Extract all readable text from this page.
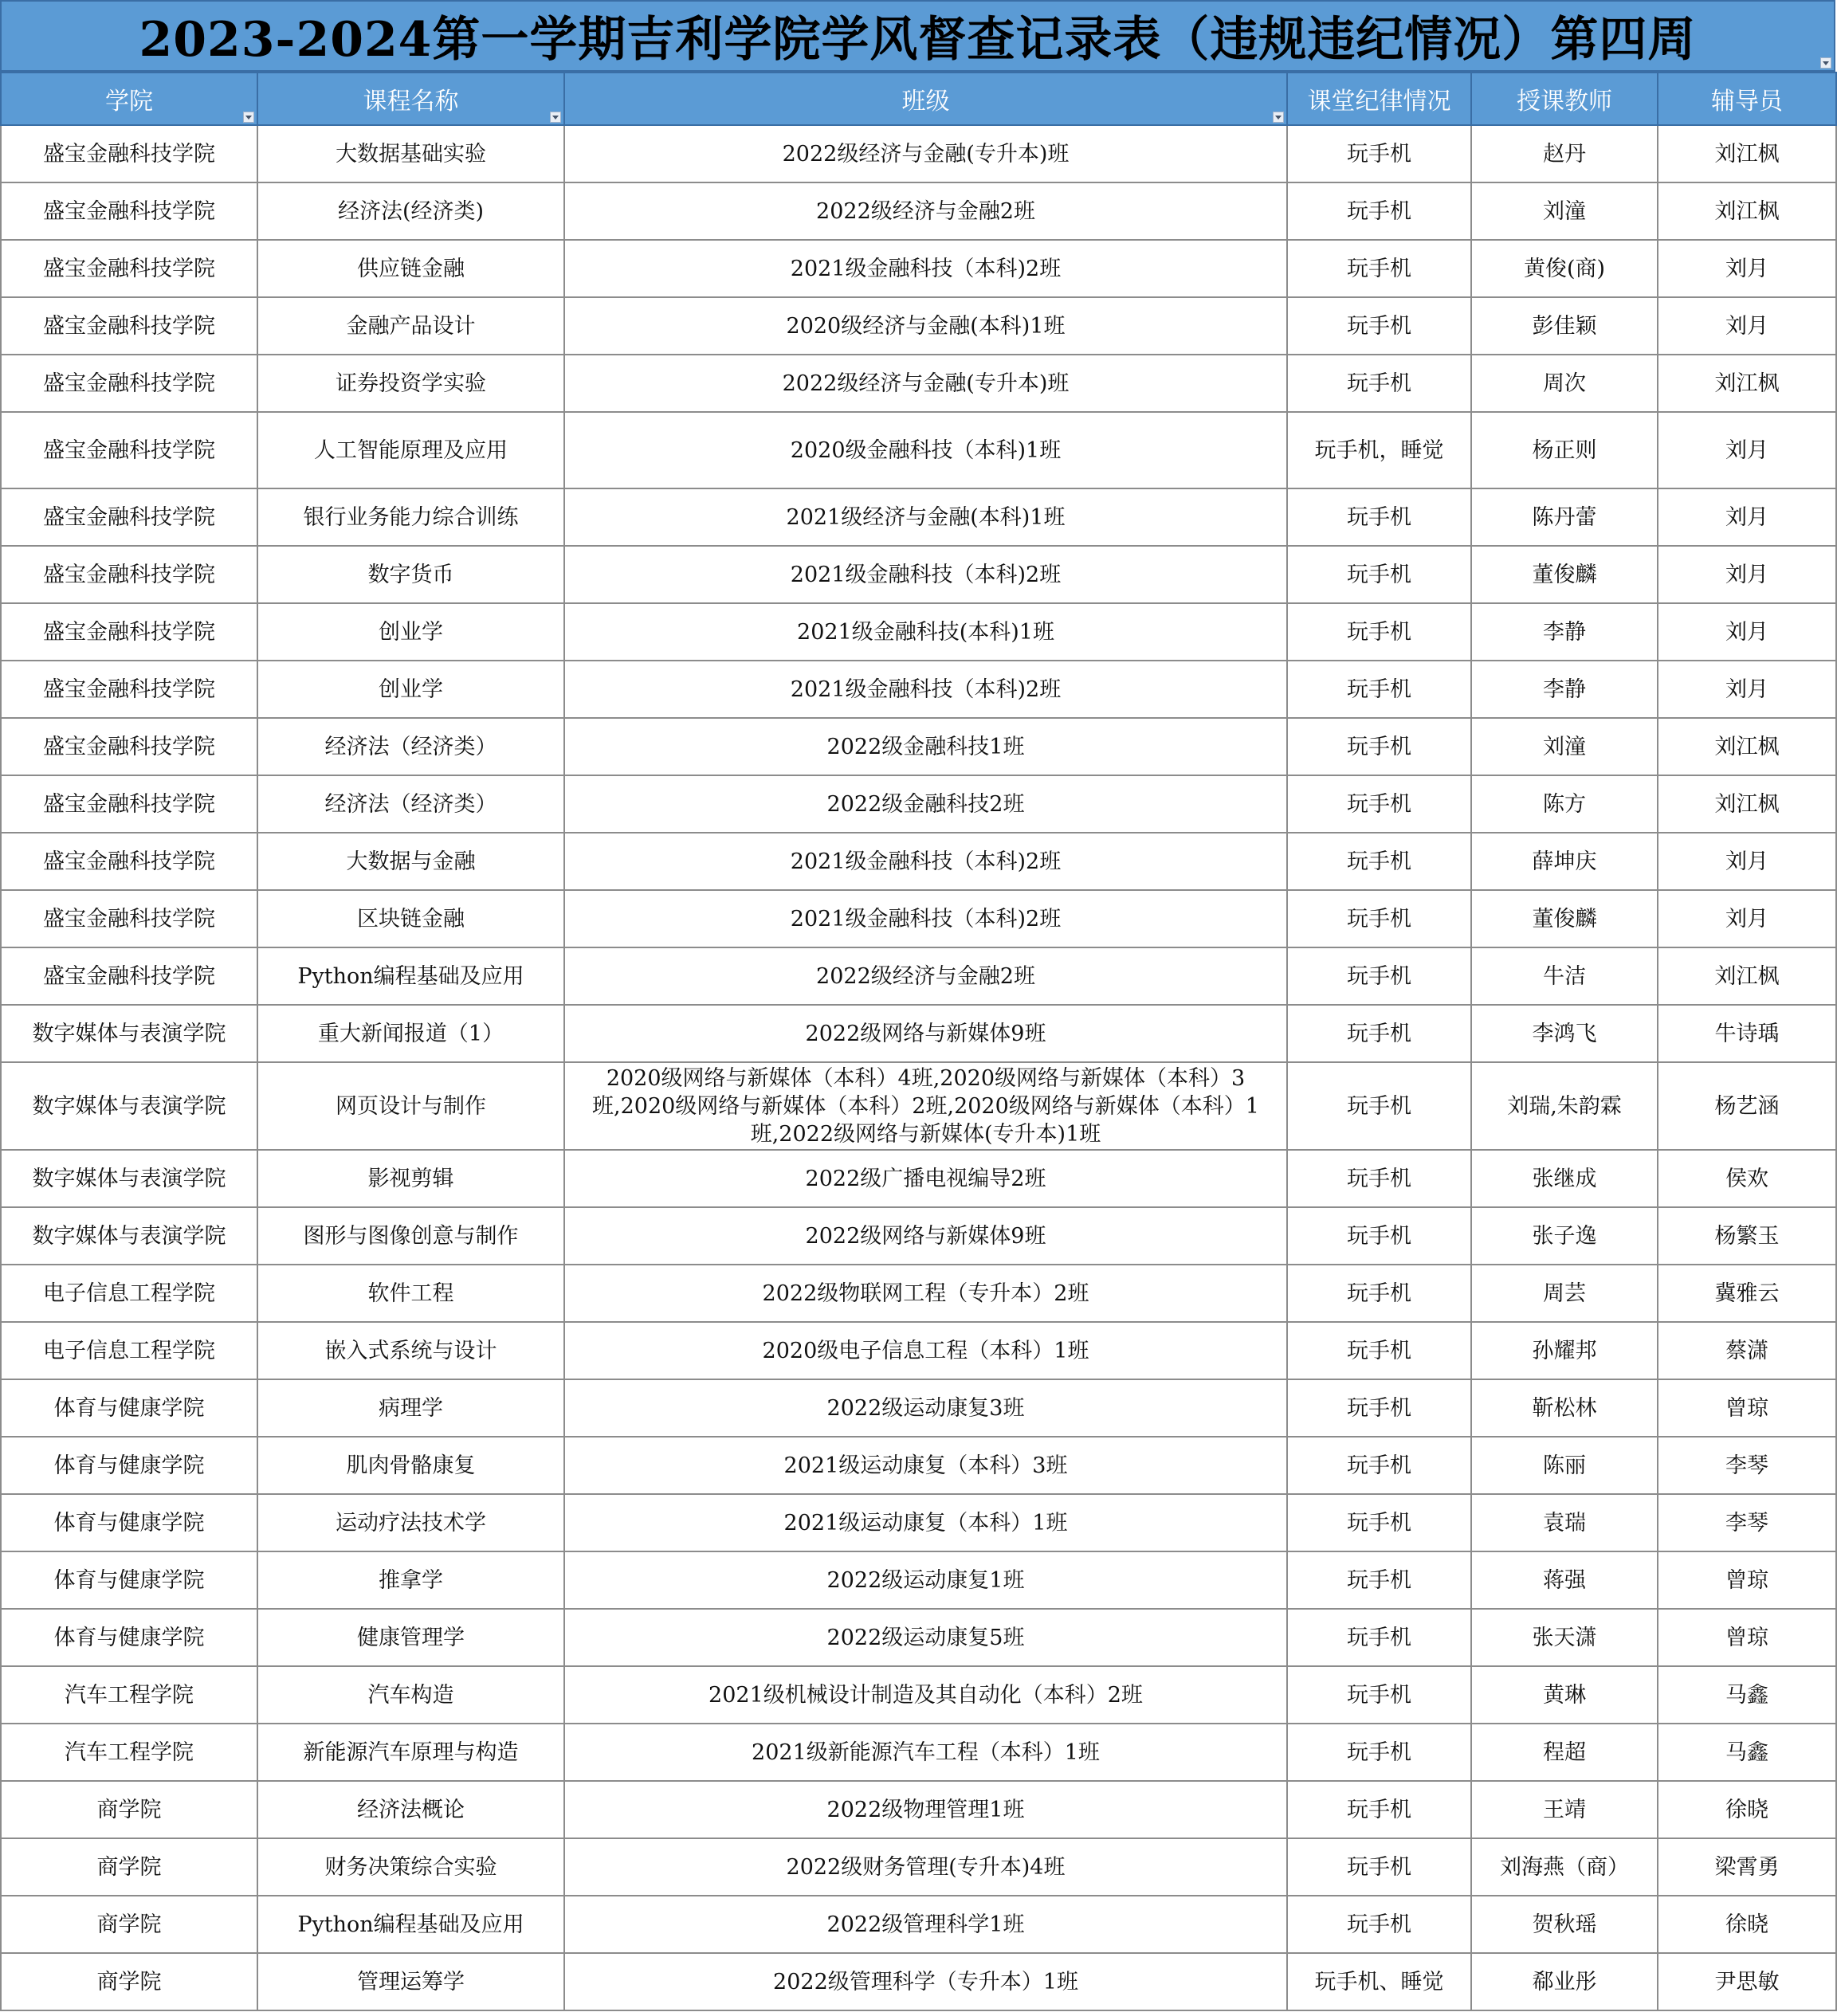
2023-2024第一学期吉利学院学风督查记录表（违规违纪情况）第四周
学院	课程名称	班级	课堂纪律情况	授课教师	辅导员
盛宝金融科技学院	大数据基础实验	2022级经济与金融(专升本)班	玩手机	赵丹	刘江枫
盛宝金融科技学院	经济法(经济类)	2022级经济与金融2班	玩手机	刘潼	刘江枫
盛宝金融科技学院	供应链金融	2021级金融科技（本科)2班	玩手机	黄俊(商)	刘月
盛宝金融科技学院	金融产品设计	2020级经济与金融(本科)1班	玩手机	彭佳颖	刘月
盛宝金融科技学院	证券投资学实验	2022级经济与金融(专升本)班	玩手机	周次	刘江枫
盛宝金融科技学院	人工智能原理及应用	2020级金融科技（本科)1班	玩手机，睡觉	杨正则	刘月
盛宝金融科技学院	银行业务能力综合训练	2021级经济与金融(本科)1班	玩手机	陈丹蕾	刘月
盛宝金融科技学院	数字货币	2021级金融科技（本科)2班	玩手机	董俊麟	刘月
盛宝金融科技学院	创业学	2021级金融科技(本科)1班	玩手机	李静	刘月
盛宝金融科技学院	创业学	2021级金融科技（本科)2班	玩手机	李静	刘月
盛宝金融科技学院	经济法（经济类）	2022级金融科技1班	玩手机	刘潼	刘江枫
盛宝金融科技学院	经济法（经济类）	2022级金融科技2班	玩手机	陈方	刘江枫
盛宝金融科技学院	大数据与金融	2021级金融科技（本科)2班	玩手机	薛坤庆	刘月
盛宝金融科技学院	区块链金融	2021级金融科技（本科)2班	玩手机	董俊麟	刘月
盛宝金融科技学院	Python编程基础及应用	2022级经济与金融2班	玩手机	牛洁	刘江枫
数字媒体与表演学院	重大新闻报道（1）	2022级网络与新媒体9班	玩手机	李鸿飞	牛诗瑀
数字媒体与表演学院	网页设计与制作	2020级网络与新媒体（本科）4班,2020级网络与新媒体（本科）3班,2020级网络与新媒体（本科）2班,2020级网络与新媒体（本科）1班,2022级网络与新媒体(专升本)1班	玩手机	刘瑞,朱韵霖	杨艺涵
数字媒体与表演学院	影视剪辑	2022级广播电视编导2班	玩手机	张继成	侯欢
数字媒体与表演学院	图形与图像创意与制作	2022级网络与新媒体9班	玩手机	张子逸	杨繁玉
电子信息工程学院	软件工程	2022级物联网工程（专升本）2班	玩手机	周芸	冀雅云
电子信息工程学院	嵌入式系统与设计	2020级电子信息工程（本科）1班	玩手机	孙耀邦	蔡潇
体育与健康学院	病理学	2022级运动康复3班	玩手机	靳松林	曾琼
体育与健康学院	肌肉骨骼康复	2021级运动康复（本科）3班	玩手机	陈丽	李琴
体育与健康学院	运动疗法技术学	2021级运动康复（本科）1班	玩手机	袁瑞	李琴
体育与健康学院	推拿学	2022级运动康复1班	玩手机	蒋强	曾琼
体育与健康学院	健康管理学	2022级运动康复5班	玩手机	张天潇	曾琼
汽车工程学院	汽车构造	2021级机械设计制造及其自动化（本科）2班	玩手机	黄琳	马鑫
汽车工程学院	新能源汽车原理与构造	2021级新能源汽车工程（本科）1班	玩手机	程超	马鑫
商学院	经济法概论	2022级物理管理1班	玩手机	王靖	徐晓
商学院	财务决策综合实验	2022级财务管理(专升本)4班	玩手机	刘海燕（商）	梁霄勇
商学院	Python编程基础及应用	2022级管理科学1班	玩手机	贺秋瑶	徐晓
商学院	管理运筹学	2022级管理科学（专升本）1班	玩手机、睡觉	郗业彤	尹思敏
